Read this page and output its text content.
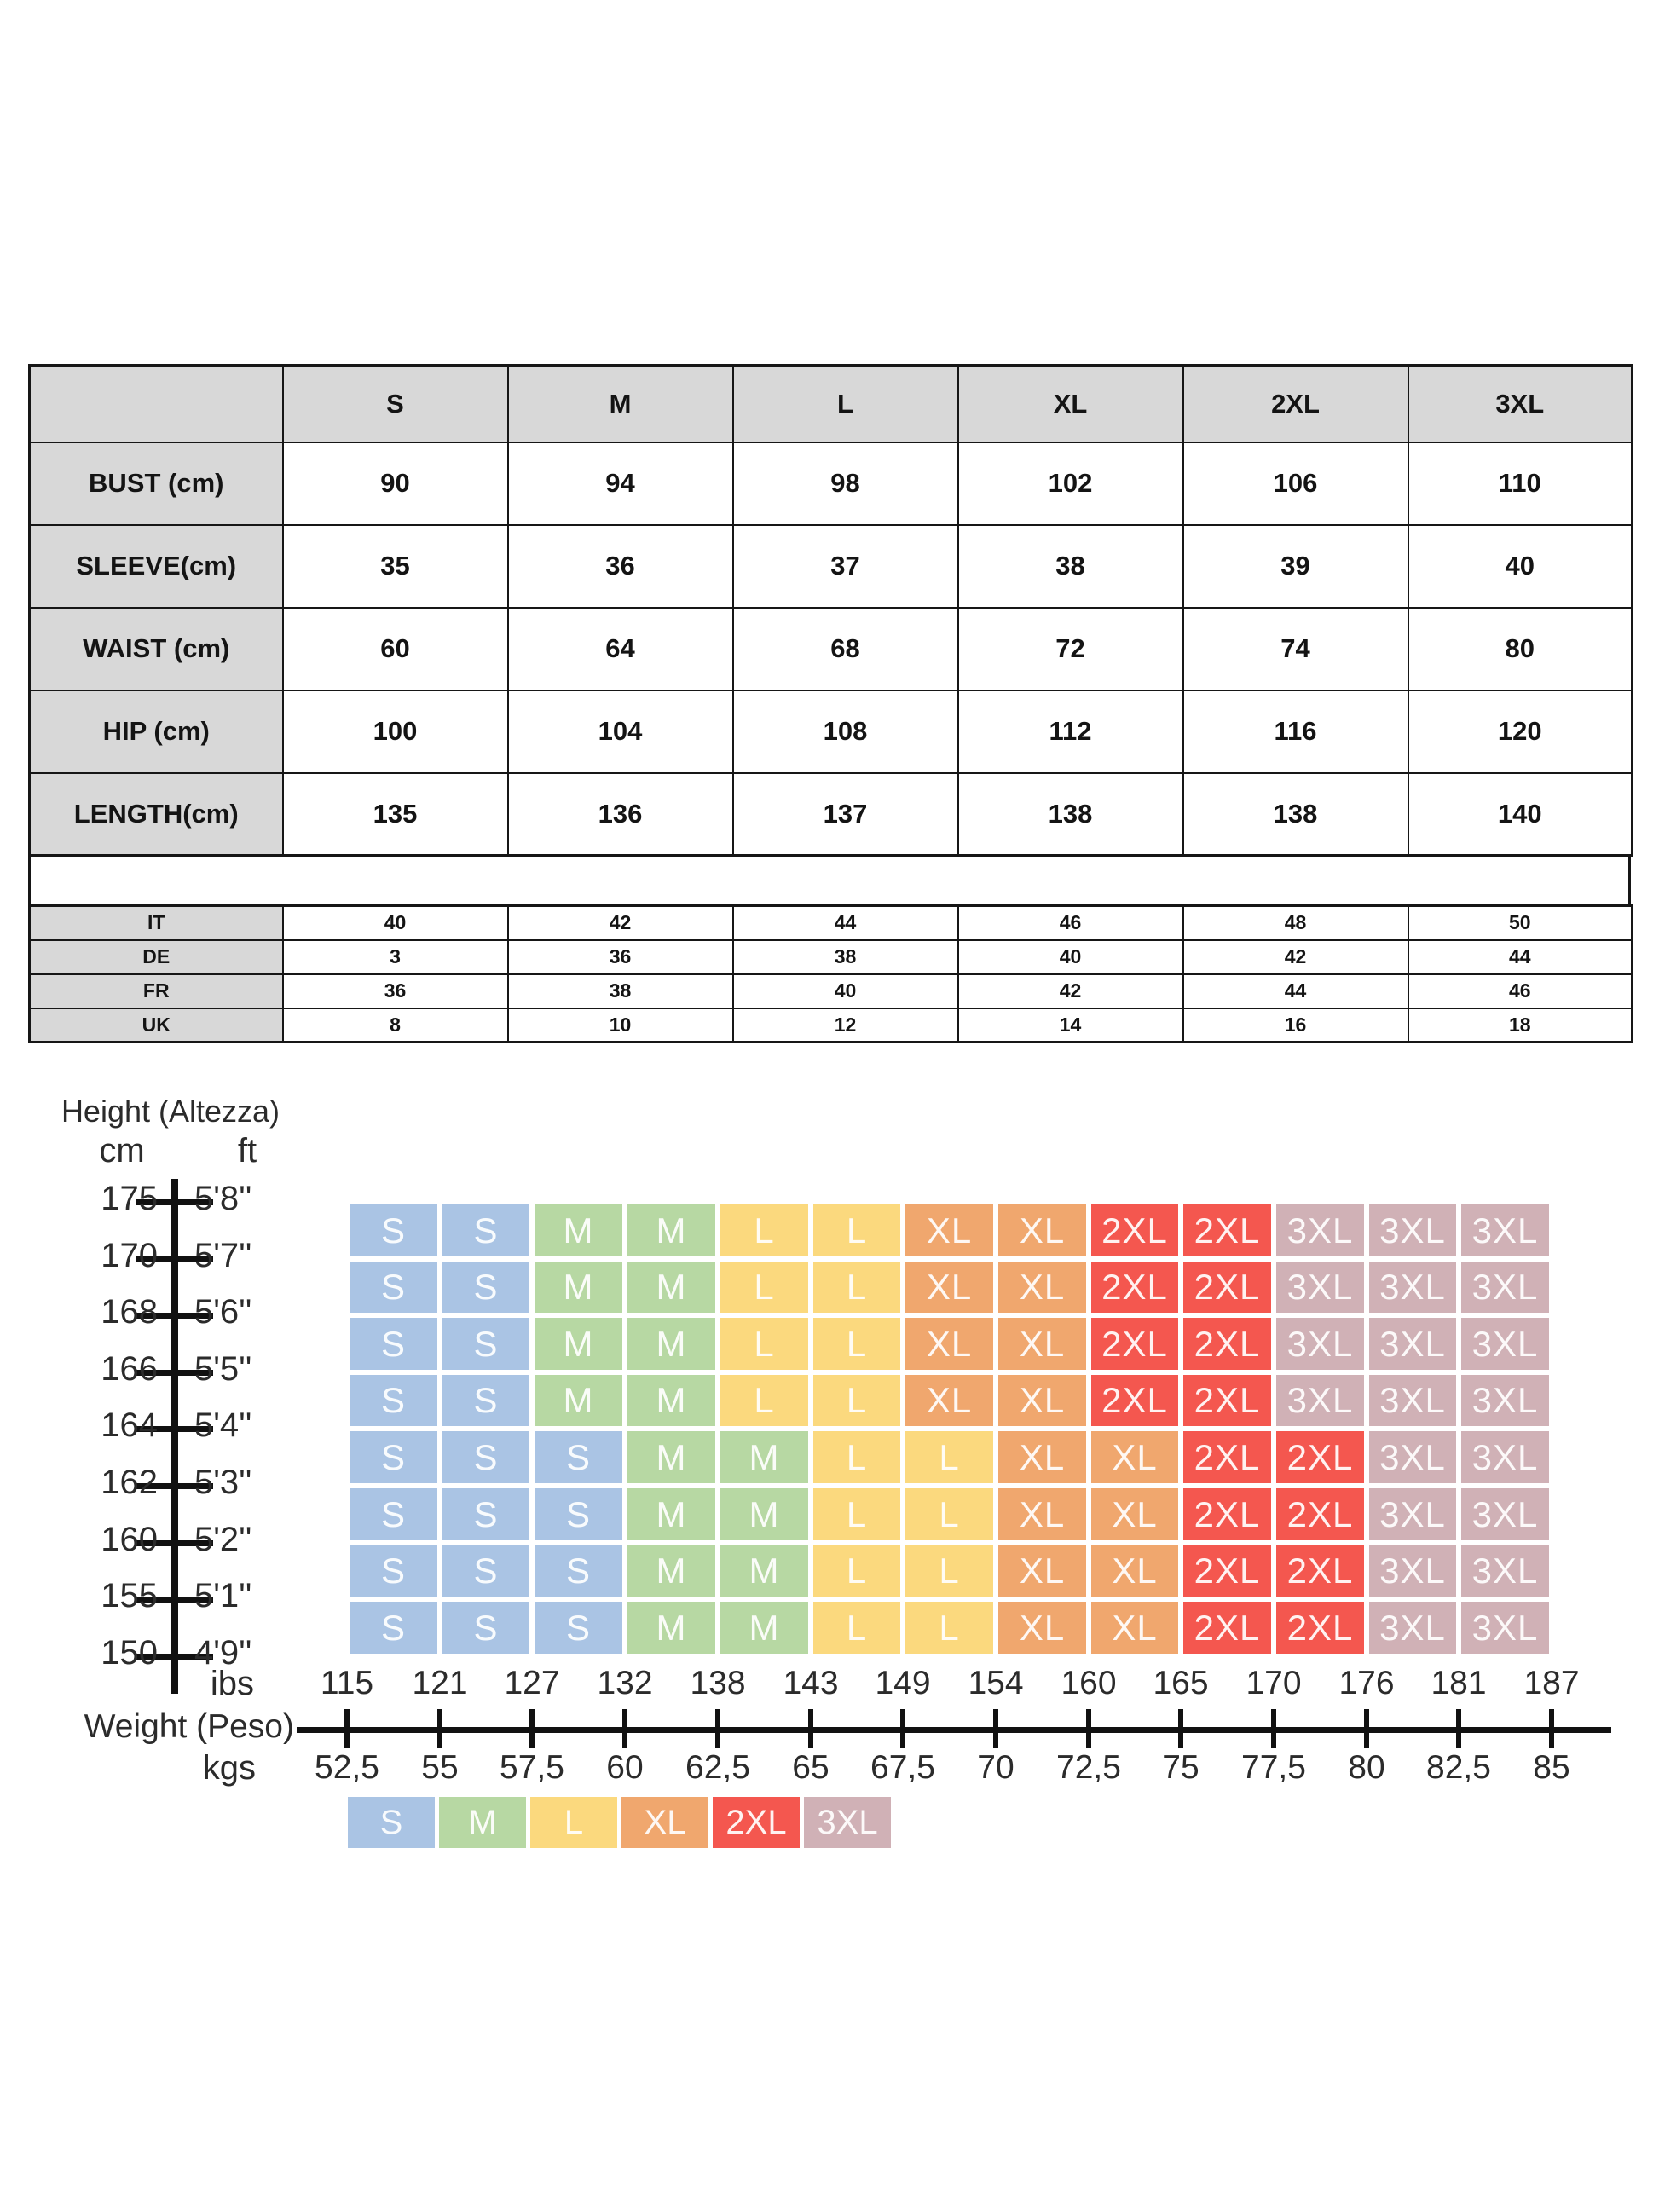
	S	M	L	XL	2XL	3XL
BUST (cm)	90	94	98	102	106	110
SLEEVE(cm)	35	36	37	38	39	40
WAIST (cm)	60	64	68	72	74	80
HIP (cm)	100	104	108	112	116	120
LENGTH(cm)	135	136	137	138	138	140
IT	40	42	44	46	48	50
DE	3	36	38	40	42	44
FR	36	38	40	42	44	46
UK	8	10	12	14	16	18
Height (Altezza)
cm	ft
175 5'8''
170 5'7''
168 5'6''
166 5'5''
164 5'4''
162 5'3''
160 5'2''
155 5'1''
150 4'9''
S	S	M	M	L	L	XL	XL	2XL 2XL 3XL 3XL 3XL
S	S	M	M	L	L	XL	XL	2XL 2XL 3XL 3XL 3XL
S	S	M	M	L	L	XL	XL	2XL 2XL 3XL 3XL 3XL
S	S	M	M	L	L	XL	XL	2XL 2XL 3XL 3XL 3XL
S	S	S	M	M	L	L	XL	XL	2XL 2XL 3XL 3XL
S	S	S	M	M	L	L	XL	XL	2XL 2XL 3XL 3XL
S	S	S	M	M	L	L	XL	XL	2XL 2XL 3XL 3XL
S	S	S	M	M	L	L	XL	XL	2XL 2XL 3XL 3XL
ibs
Weight (Peso)
kgs
115
52,5
121
55
127
57,5
132
60
138
62,5
143
65
149
67,5
154
70
160
72,5
165
75
170
77,5
176
80
181
82,5
187
85
S	M	L	XL	2XL 3XL
